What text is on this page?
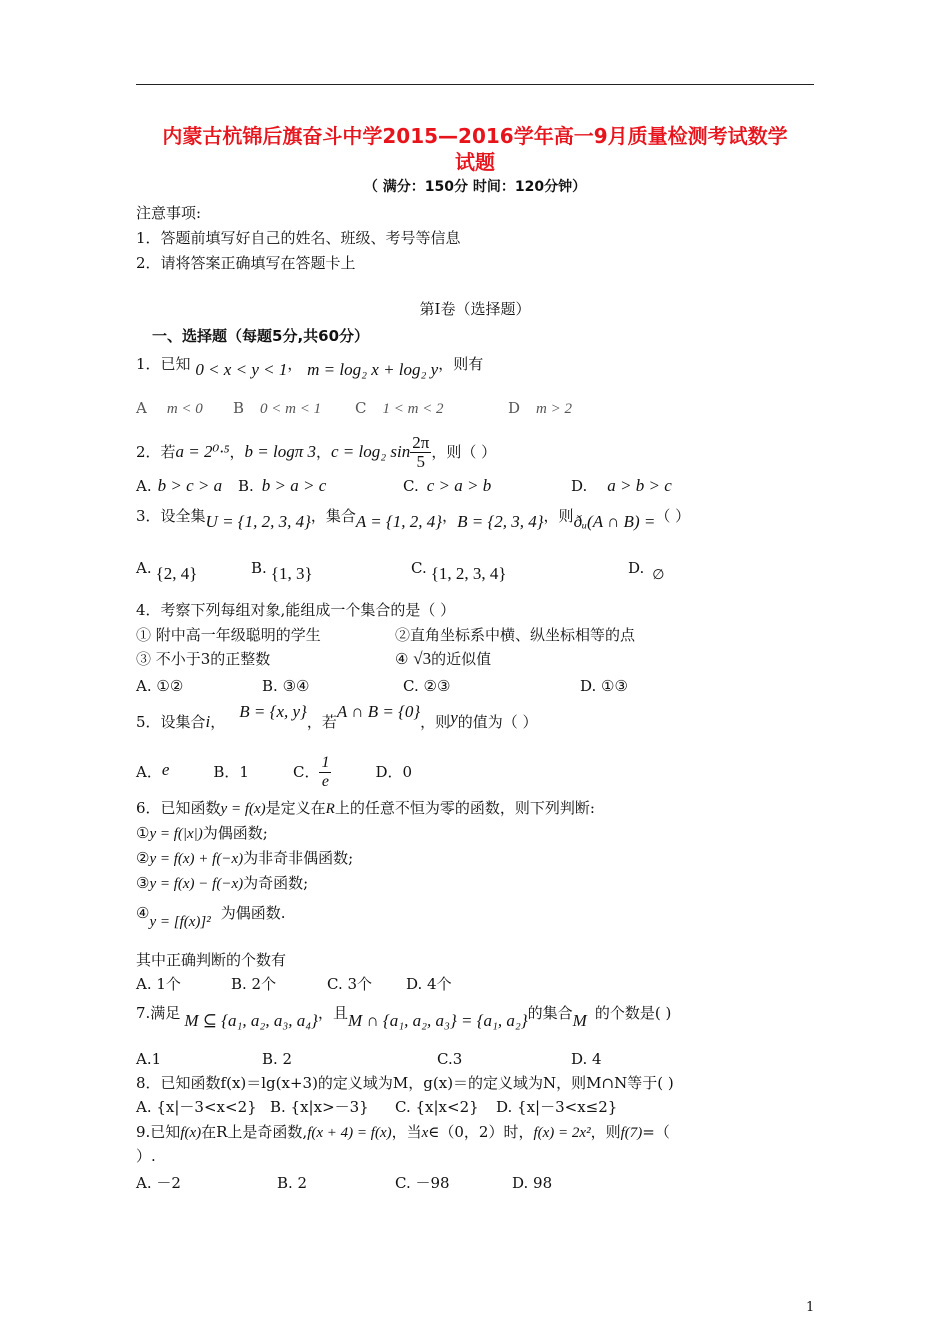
内蒙古杭锦后旗奋斗中学2015—2016学年高一9月质量检测考试数学
试题
（ 满分：150分 时间：120分钟）
注意事项:
1．答题前填写好自己的姓名、班级、考号等信息
2．请将答案正确填写在答题卡上
第I卷（选择题）
一、选择题（每题5分,共60分）
1．已知 0 < x < y < 1， m = log₂ x + log₂ y，则有
A m < 0 B 0 < m < 1 C 1 < m < 2	D m > 2
2．若 a = 2⁰·⁵ ， b = logπ 3 ， c = log₂ $\sin \frac{2\pi}{5}$ ，则（ ）
A. b > c > a B. b > a > c	C. c > a > b	D. a > b > c
3．设全集U = {1, 2, 3, 4}，集合A = {1, 2, 4}，B = {2, 3, 4}，则ðᵤ(A ∩ B) =（ ）
A. {2, 4}	B. {1, 3}	C. {1, 2, 3, 4}	D. ∅
4．考察下列每组对象,能组成一个集合的是（ ）
① 附中高一年级聪明的学生	②直角坐标系中横、纵坐标相等的点
③ 不小于3的正整数	④ √3的近似值
A. ①②	B. ③④	C. ②③	D. ①③
5．设集合 i ，
B = {x, y}
，若
A ∩ B = {0}
，则 y 的值为（ ）
A． e	B．1	C． $\frac{1}{e}$	D．0
6．已知函数y = f(x)是定义在R上的任意不恒为零的函数，则下列判断:
①y = f(|x|)为偶函数;
②y = f(x) + f(−x)为非奇非偶函数;
③y = f(x) − f(−x)为奇函数;
④y = [f(x)]² 为偶函数.
其中正确判断的个数有
A. 1个	B. 2个	C. 3个 D. 4个
7.满足 M ⊆ {a₁, a₂, a₃, a₄}，且M ∩ {a₁, a₂, a₃} = {a₁, a₂}的集合M 的个数是( )
A.1	B. 2	C.3	D. 4
8．已知函数f(x)＝lg(x+3)的定义域为M，g(x)＝的定义域为N，则M∩N等于( )
A. {x|－3<x<2} B. {x|x>－3} C. {x|x<2} D. {x|－3<x≤2}
9.已知f(x)在R上是奇函数,f(x + 4) = f(x)，当x∈（0，2）时，f(x) = 2x²，则f(7)=（
）.
A. －2	B. 2	C. －98	D. 98
1
